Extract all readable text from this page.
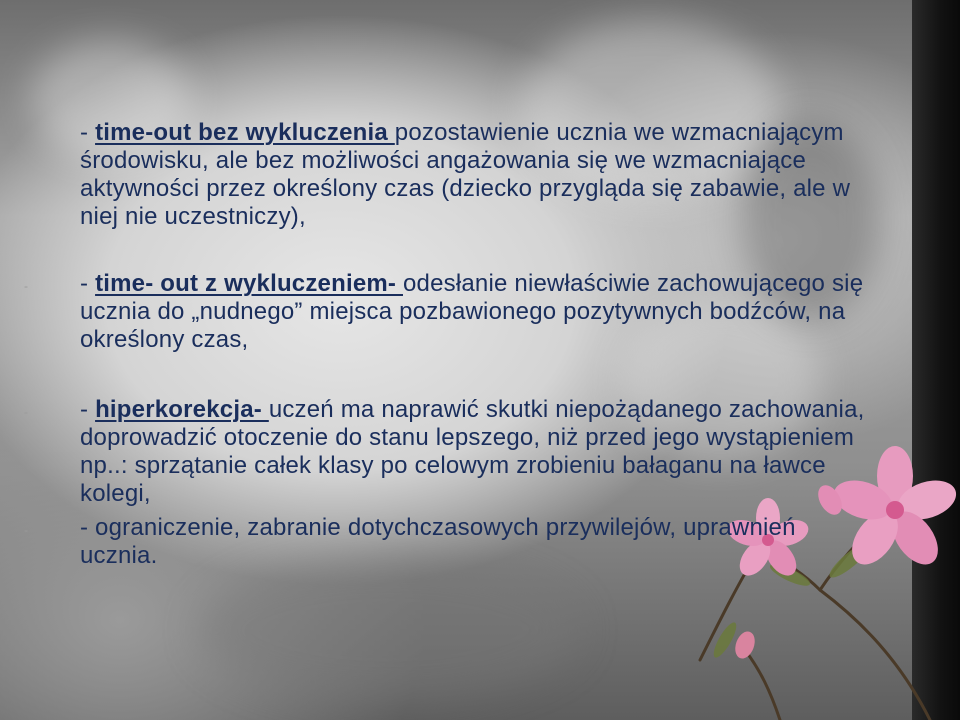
- - time-out bez wykluczenia pozostawienie ucznia we wzmacniającym środowisku, ale bez możliwości angażowania się we wzmacniające aktywności przez określony czas (dziecko przygląda się zabawie, ale w niej nie uczestniczy),

- - time- out z wykluczeniem- odesłanie niewłaściwie zachowującego się ucznia do „nudnego” miejsca pozbawionego pozytywnych bodźców, na określony czas,

- - hiperkorekcja- uczeń ma naprawić skutki niepożądanego zachowania, doprowadzić otoczenie do stanu lepszego, niż przed jego wystąpieniem np..: sprzątanie całek klasy po celowym zrobieniu bałaganu na ławce kolegi,

- - ograniczenie, zabranie dotychczasowych przywilejów, uprawnień ucznia.
